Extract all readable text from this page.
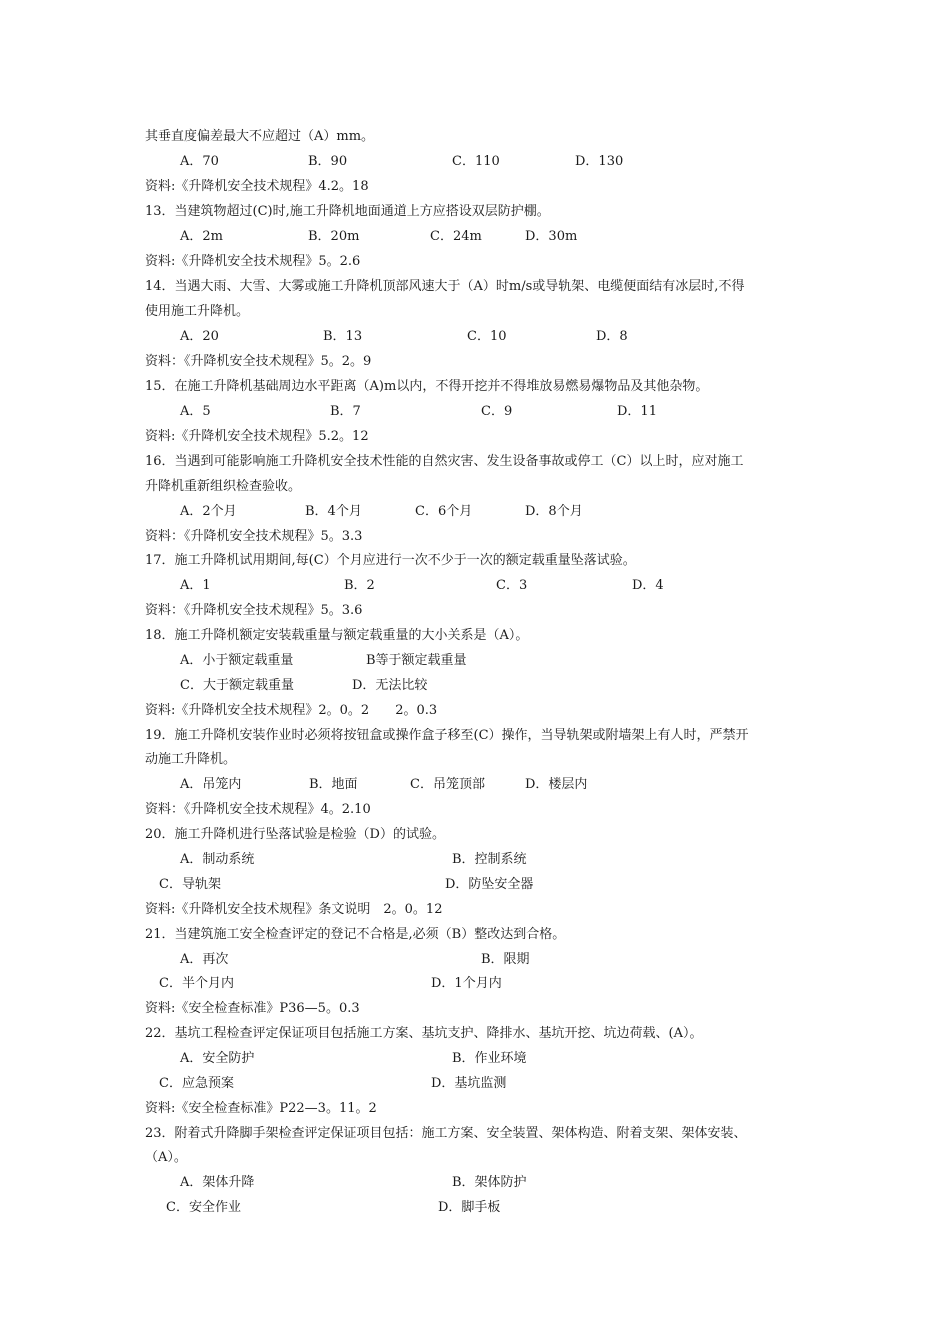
其垂直度偏差最大不应超过（A）mm。
资料:《升降机安全技术规程》4.2。18
13．当建筑物超过(C)时,施工升降机地面通道上方应搭设双层防护棚。
资料:《升降机安全技术规程》5。2.6
14．当遇大雨、大雪、大雾或施工升降机顶部风速大于（A）时m/s或导轨架、电缆便面结有冰层时,不得
使用施工升降机。
资料：《升降机安全技术规程》5。2。9
15．在施工升降机基础周边水平距离（A)m以内，不得开挖并不得堆放易燃易爆物品及其他杂物。
资料:《升降机安全技术规程》5.2。12
16．当遇到可能影响施工升降机安全技术性能的自然灾害、发生设备事故或停工（C）以上时，应对施工
升降机重新组织检查验收。
资料：《升降机安全技术规程》5。3.3
17．施工升降机试用期间,每(C）个月应进行一次不少于一次的额定载重量坠落试验。
资料：《升降机安全技术规程》5。3.6
18．施工升降机额定安装载重量与额定载重量的大小关系是（A）。
资料:《升降机安全技术规程》2。0。2　　2。0.3
19．施工升降机安装作业时必须将按钮盒或操作盒子移至(C）操作，当导轨架或附墙架上有人时，严禁开
动施工升降机。
资料：《升降机安全技术规程》4。2.10
20．施工升降机进行坠落试验是检验（D）的试验。
资料:《升降机安全技术规程》条文说明　2。0。12
21．当建筑施工安全检查评定的登记不合格是,必须（B）整改达到合格。
资料:《安全检查标准》P36—5。0.3
22．基坑工程检查评定保证项目包括施工方案、基坑支护、降排水、基坑开挖、坑边荷载、(A）。
资料:《安全检查标准》P22—3。11。2
23．附着式升降脚手架检查评定保证项目包括：施工方案、安全装置、架体构造、附着支架、架体安装、
（A）。
A．70	B．90	C．110	D．130
A．2m	B．20m	C．24m	D．30m
A．20	B．13	C．10	D．8
A．5	B．7	C．9	D．11
A．2个月	B．4个月	C．6个月	D．8个月
A．1	B．2	C．3	D．4
A．小于额定载重量	B等于额定载重量
C．大于额定载重量	D．无法比较
A．吊笼内	B．地面	C．吊笼顶部	D．楼层内
A．制动系统	B．控制系统
C．导轨架	D．防坠安全器
A．再次	B．限期
C．半个月内	D．1个月内
A．安全防护	B．作业环境
C．应急预案	D．基坑监测
A．架体升降	B．架体防护
C．安全作业	D．脚手板
